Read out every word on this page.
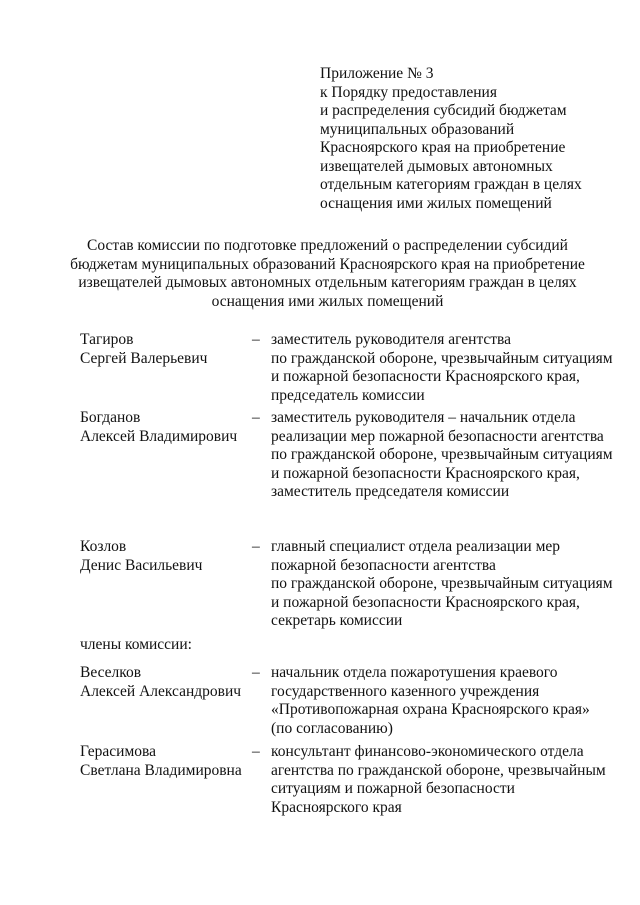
Приложение № 3
к Порядку предоставления
и распределения субсидий бюджетам
муниципальных образований
Красноярского края на приобретение
извещателей дымовых автономных
отдельным категориям граждан в целях
оснащения ими жилых помещений
Состав комиссии по подготовке предложений о распределении субсидий
бюджетам муниципальных образований Красноярского края на приобретение
извещателей дымовых автономных отдельным категориям граждан в целях
оснащения ими жилых помещений
Тагиров
Сергей Валерьевич
– заместитель руководителя агентства
по гражданской обороне, чрезвычайным ситуациям
и пожарной безопасности Красноярского края,
председатель комиссии
Богданов
Алексей Владимирович
– заместитель руководителя – начальник отдела
реализации мер пожарной безопасности агентства
по гражданской обороне, чрезвычайным ситуациям
и пожарной безопасности Красноярского края,
заместитель председателя комиссии
Козлов
Денис Васильевич
– главный специалист отдела реализации мер
пожарной безопасности агентства
по гражданской обороне, чрезвычайным ситуациям
и пожарной безопасности Красноярского края,
секретарь комиссии
члены комиссии:
Веселков
Алексей Александрович
– начальник отдела пожаротушения краевого
государственного казенного учреждения
«Противопожарная охрана Красноярского края»
(по согласованию)
Герасимова
Светлана Владимировна
– консультант финансово-экономического отдела
агентства по гражданской обороне, чрезвычайным
ситуациям и пожарной безопасности
Красноярского края
